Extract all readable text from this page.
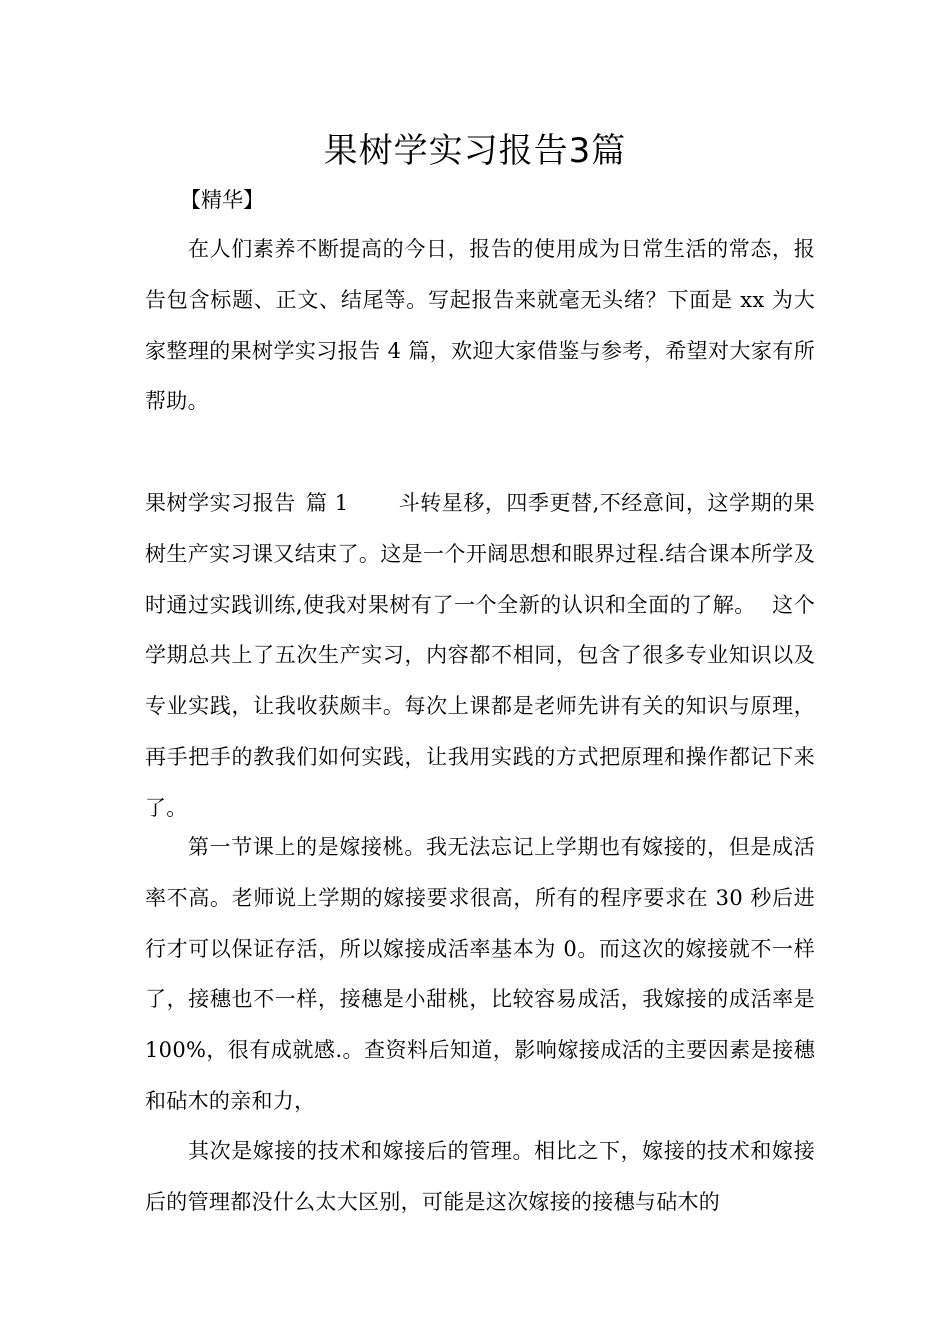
果树学实习报告3篇
【精华】

在人们素养不断提高的今日，报告的使用成为日常生活的常态，报告包含标题、正文、结尾等。写起报告来就毫无头绪？下面是 xx 为大家整理的果树学实习报告 4 篇，欢迎大家借鉴与参考，希望对大家有所帮助。

果树学实习报告 篇 1 斗转星移，四季更替,不经意间，这学期的果树生产实习课又结束了。这是一个开阔思想和眼界过程.结合课本所学及时通过实践训练,使我对果树有了一个全新的认识和全面的了解。 这个学期总共上了五次生产实习，内容都不相同，包含了很多专业知识以及专业实践，让我收获颇丰。每次上课都是老师先讲有关的知识与原理，再手把手的教我们如何实践，让我用实践的方式把原理和操作都记下来了。

第一节课上的是嫁接桃。我无法忘记上学期也有嫁接的，但是成活率不高。老师说上学期的嫁接要求很高，所有的程序要求在 30 秒后进行才可以保证存活，所以嫁接成活率基本为 0。而这次的嫁接就不一样了，接穗也不一样，接穗是小甜桃，比较容易成活，我嫁接的成活率是 100%，很有成就感.。查资料后知道，影响嫁接成活的主要因素是接穗和砧木的亲和力，

其次是嫁接的技术和嫁接后的管理。相比之下，嫁接的技术和嫁接后的管理都没什么太大区别，可能是这次嫁接的接穗与砧木的
